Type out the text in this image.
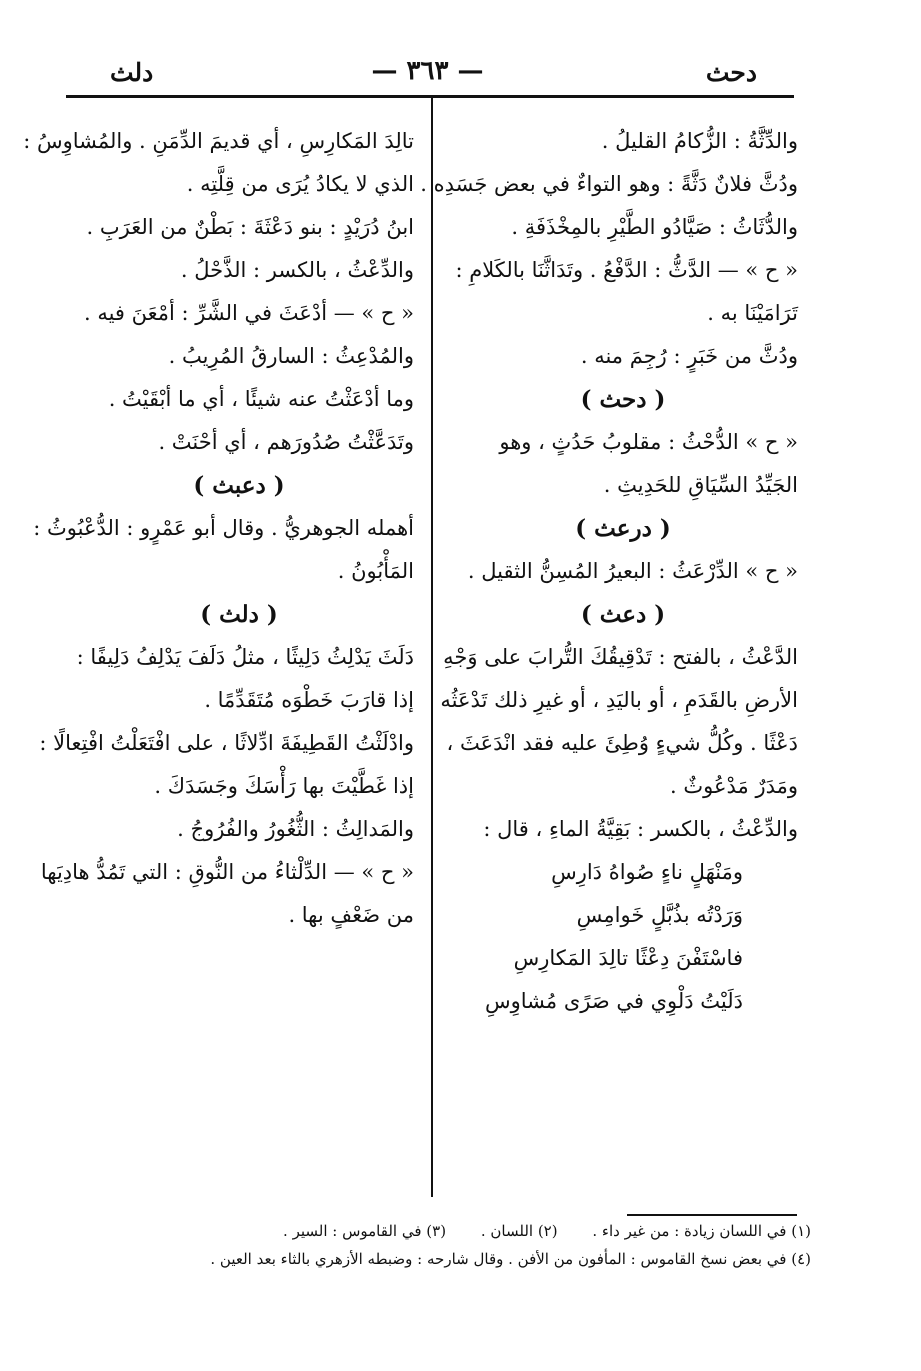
دحث
— ٣٦٣ —
دلث
والدِّثَّةُ : الزُّكامُ القليلُ .
ودُثَّ فلانٌ دَثَّةً : وهو التواءٌ في بعض جَسَدِه .
والدُّثَاثُ : صَيَّادُو الطَّيْرِ بالمِخْذَفَةِ .
« ح » — الدَّثُّ : الدَّفْعُ . وتَدَاثَّنَا بالكَلامِ :
تَرَامَيْنَا به .
ودُثَّ من خَبَرٍ : رُجِمَ منه .
( دحث )
« ح » الدُّحْثُ : مقلوبُ حَدُثٍ ، وهو
الجَيِّدُ السِّيَاقِ للحَدِيثِ .
( درعث )
« ح » الدِّرْعَثُ : البعيرُ المُسِنُّ الثقيل .
( دعث )
الدَّعْثُ ، بالفتح : تَدْقِيقُكَ التُّرابَ على وَجْهِ
الأرضِ بالقَدَمِ ، أو باليَدِ ، أو غيرِ ذلك تَدْعَثُه
دَعْثًا . وكُلُّ شيءٍ وُطِئَ عليه فقد انْدَعَثَ ،
ومَدَرٌ مَدْعُوثٌ .
والدِّعْثُ ، بالكسر : بَقِيَّةُ الماءِ ، قال :
ومَنْهَلٍ ناءٍ صُواهُ دَارِسِ
وَرَدْتُه بذُبَّلٍ خَوامِسِ
فاسْتَفْنَ دِعْثًا تالِدَ المَكارِسِ
دَلَيْتُ دَلْوِي في صَرًى مُشاوِسِ
تالِدَ المَكارِسِ ، أي قديمَ الدِّمَنِ . والمُشاوِسُ :
الذي لا يكادُ يُرَى من قِلَّتِه .
ابنُ دُرَيْدٍ : بنو دَعْثَةَ : بَطْنٌ من العَرَبِ .
والدِّعْثُ ، بالكسر : الذَّحْلُ .
« ح » — أدْعَثَ في الشَّرِّ : أمْعَنَ فيه .
والمُدْعِثُ : السارقُ المُرِيبُ .
وما أدْعَثْتُ عنه شيئًا ، أي ما أبْقَيْتُ .
وتَدَعَّثْتُ صُدُورَهم ، أي أحْنَتْ .
( دعبث )
أهمله الجوهريُّ . وقال أبو عَمْرٍو : الدُّعْبُوثُ :
المَأْبُونُ .
( دلث )
دَلَثَ يَدْلِثُ دَلِيثًا ، مثلُ دَلَفَ يَدْلِفُ دَلِيفًا :
إذا قارَبَ خَطْوَه مُتَقَدِّمًا .
وادْلَثْتُ القَطِيفَةَ ادِّلاثًا ، على افْتَعَلْتُ افْتِعالًا :
إذا غَطَّيْتَ بها رَأْسَكَ وجَسَدَكَ .
والمَدالِثُ : الثُّغُورُ والفُرُوجُ .
« ح » — الدِّلْثاءُ من النُّوقِ : التي تَمُدُّ هادِيَها
من ضَعْفٍ بها .
(١) في اللسان زيادة : من غير داء . (٢) اللسان . (٣) في القاموس : السير .
(٤) في بعض نسخ القاموس : المأفون من الأفن . وقال شارحه : وضبطه الأزهري بالثاء بعد العين .
